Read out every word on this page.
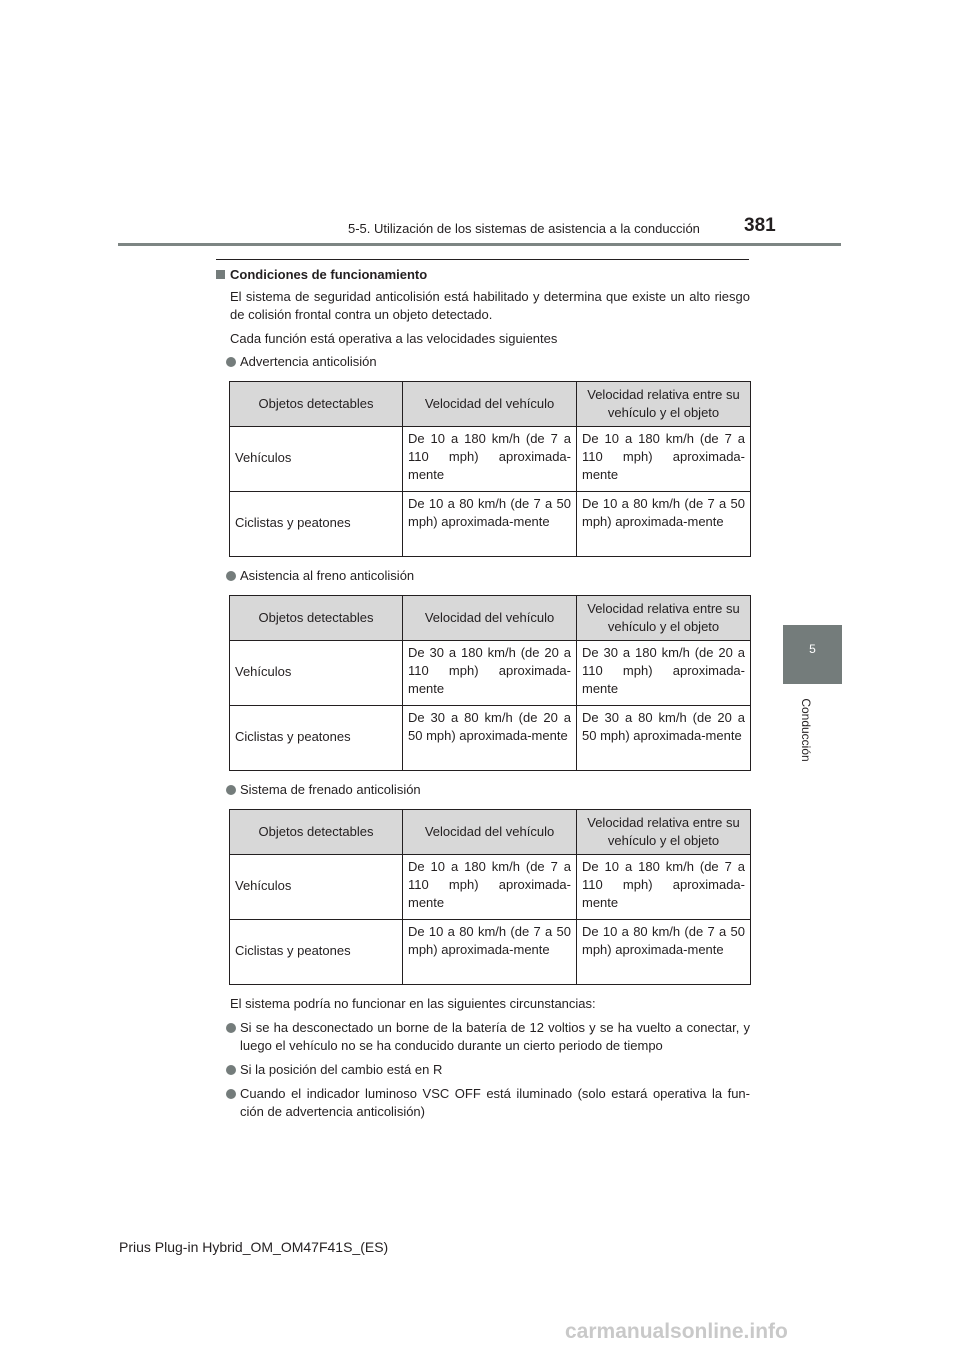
5-5. Utilización de los sistemas de asistencia a la conducción 381
5
Conducción
Condiciones de funcionamiento

El sistema de seguridad anticolisión está habilitado y determina que existe un alto riesgo de colisión frontal contra un objeto detectado.

Cada función está operativa a las velocidades siguientes

Advertencia anticolisión
Objetos detectables	Velocidad del vehículo	Velocidad relativa entre su vehículo y el objeto
Vehículos	De 10 a 180 km/h (de 7 a 110 mph) aproximada-mente	De 10 a 180 km/h (de 7 a 110 mph) aproximada-mente
Ciclistas y peatones	De 10 a 80 km/h (de 7 a 50 mph) aproximada-mente	De 10 a 80 km/h (de 7 a 50 mph) aproximada-mente
Asistencia al freno anticolisión
Objetos detectables	Velocidad del vehículo	Velocidad relativa entre su vehículo y el objeto
Vehículos	De 30 a 180 km/h (de 20 a 110 mph) aproximada-mente	De 30 a 180 km/h (de 20 a 110 mph) aproximada-mente
Ciclistas y peatones	De 30 a 80 km/h (de 20 a 50 mph) aproximada-mente	De 30 a 80 km/h (de 20 a 50 mph) aproximada-mente
Sistema de frenado anticolisión
Objetos detectables	Velocidad del vehículo	Velocidad relativa entre su vehículo y el objeto
Vehículos	De 10 a 180 km/h (de 7 a 110 mph) aproximada-mente	De 10 a 180 km/h (de 7 a 110 mph) aproximada-mente
Ciclistas y peatones	De 10 a 80 km/h (de 7 a 50 mph) aproximada-mente	De 10 a 80 km/h (de 7 a 50 mph) aproximada-mente

El sistema podría no funcionar en las siguientes circunstancias:

Si se ha desconectado un borne de la batería de 12 voltios y se ha vuelto a conectar, y luego el vehículo no se ha conducido durante un cierto periodo de tiempo
Si la posición del cambio está en R
Cuando el indicador luminoso VSC OFF está iluminado (solo estará operativa la fun-ción de advertencia anticolisión)
Prius Plug-in Hybrid_OM_OM47F41S_(ES)
carmanualsonline.info
